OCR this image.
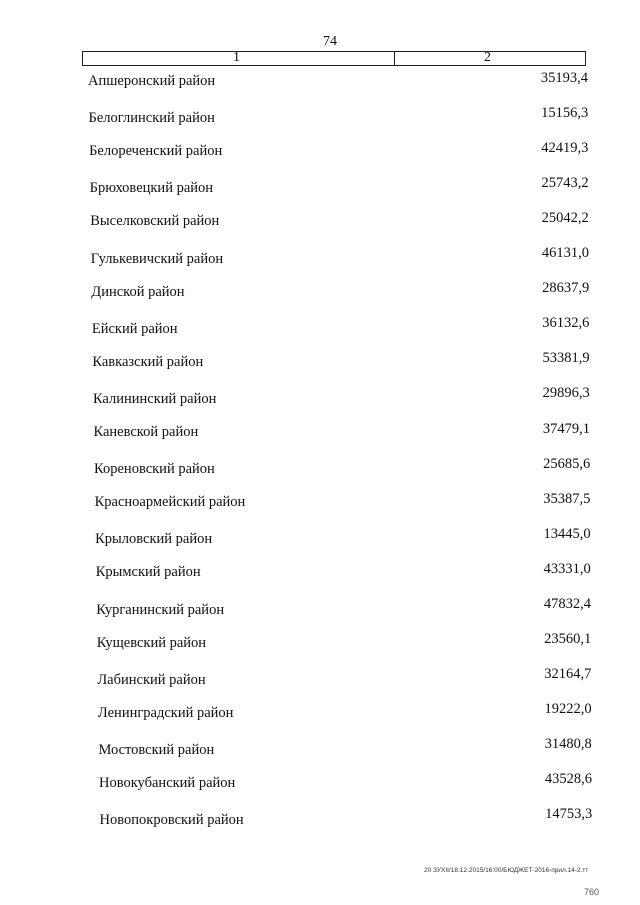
74
1	2
Апшеронский район	35193,4
Белоглинский район	15156,3
Белореченский район	42419,3
Брюховецкий район	25743,2
Выселковский район	25042,2
Гулькевичский район	46131,0
Динской район	28637,9
Ейский район	36132,6
Кавказский район	53381,9
Калининский район	29896,3
Каневской район	37479,1
Кореновский район	25685,6
Красноармейский район	35387,5
Крыловский район	13445,0
Крымский район	43331,0
Курганинский район	47832,4
Кущевский район	23560,1
Лабинский район	32164,7
Ленинградский район	19222,0
Мостовский район	31480,8
Новокубанский район	43528,6
Новопокровский район	14753,3
20 ЗУXII/18.12.2015/16:00/БЮДЖЕТ-2016-прил.14-2.тт
760
